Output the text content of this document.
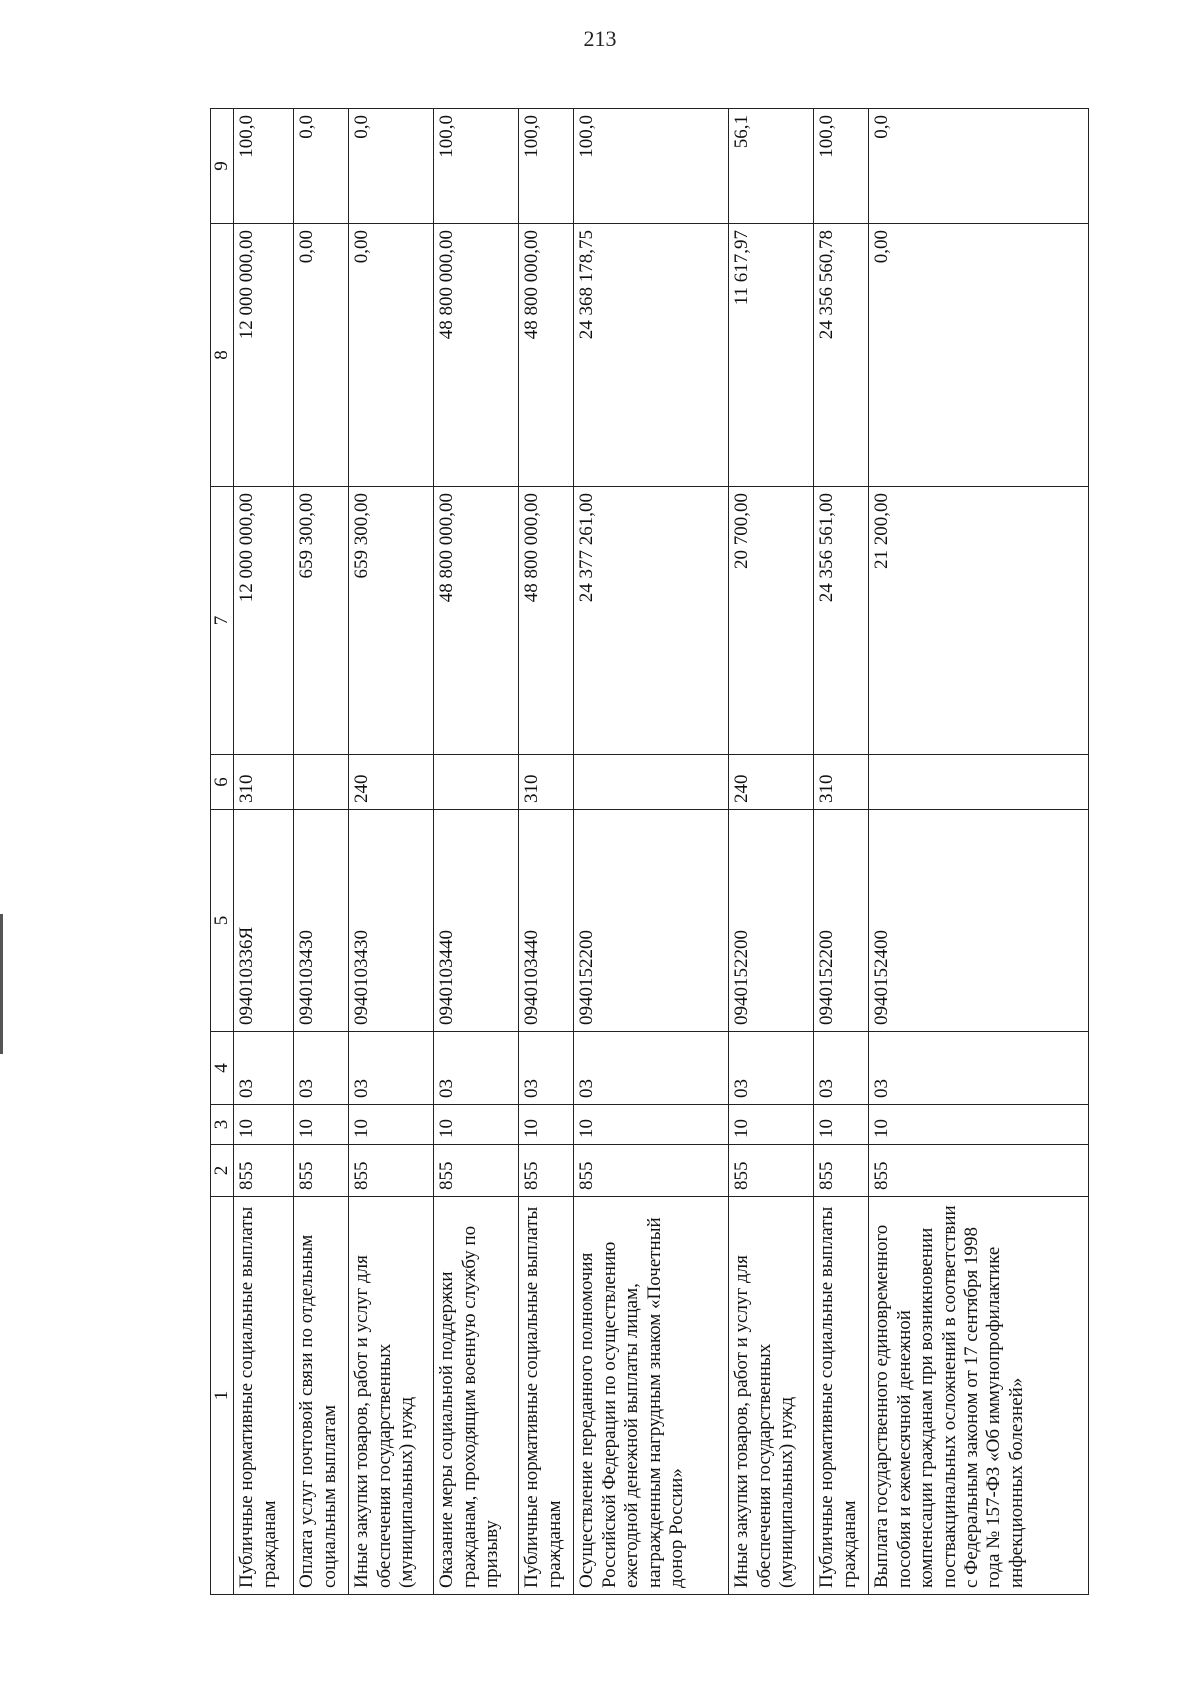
213
1	2	3	4	5	6	7	8	9
Публичные нормативные социальные выплаты гражданам	855	10	03	094010336Я	310	12 000 000,00	12 000 000,00	100,0
Оплата услуг почтовой связи по отдельным социальным выплатам	855	10	03	0940103430		659 300,00	0,00	0,0
Иные закупки товаров, работ и услуг для обеспечения государственных (муниципальных) нужд	855	10	03	0940103430	240	659 300,00	0,00	0,0
Оказание меры социальной поддержки гражданам, проходящим военную службу по призыву	855	10	03	0940103440		48 800 000,00	48 800 000,00	100,0
Публичные нормативные социальные выплаты гражданам	855	10	03	0940103440	310	48 800 000,00	48 800 000,00	100,0
Осуществление переданного полномочия Российской Федерации по осуществлению ежегодной денежной выплаты лицам, награжденным нагрудным знаком «Почетный донор России»	855	10	03	0940152200		24 377 261,00	24 368 178,75	100,0
Иные закупки товаров, работ и услуг для обеспечения государственных (муниципальных) нужд	855	10	03	0940152200	240	20 700,00	11 617,97	56,1
Публичные нормативные социальные выплаты гражданам	855	10	03	0940152200	310	24 356 561,00	24 356 560,78	100,0
Выплата государственного единовременного пособия и ежемесячной денежной компенсации гражданам при возникновении поствакцинальных осложнений в соответствии с Федеральным законом от 17 сентября 1998 года № 157-ФЗ «Об иммунопрофилактике инфекционных болезней»	855	10	03	0940152400		21 200,00	0,00	0,0
